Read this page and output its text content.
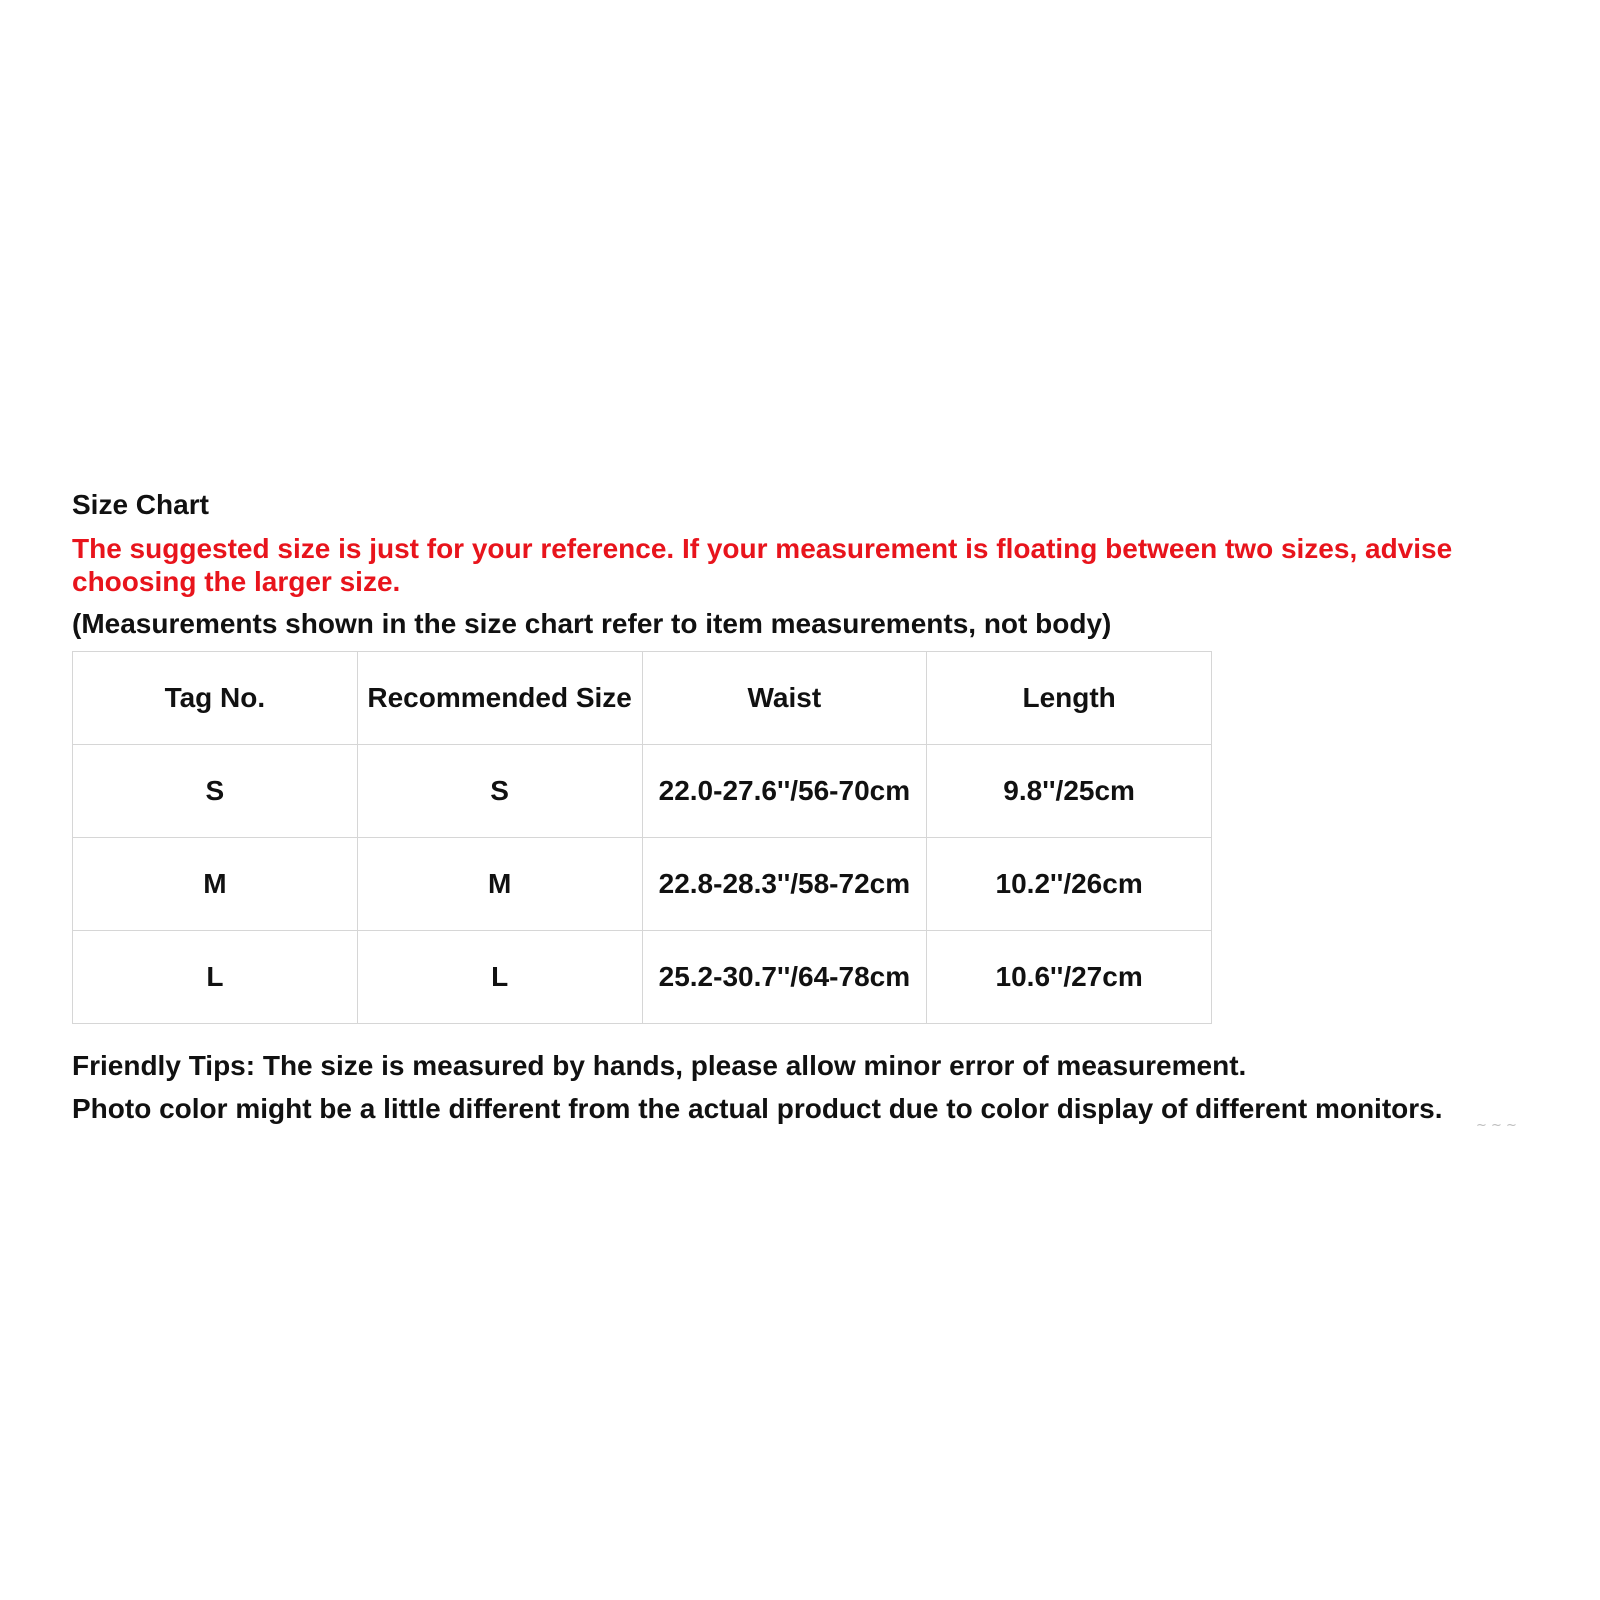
Size Chart

The suggested size is just for your reference. If your measurement is floating between two sizes, advise choosing the larger size.

(Measurements shown in the size chart refer to item measurements, not body)

Tag No.	Recommended Size	Waist	Length
S	S	22.0-27.6''/56-70cm	9.8''/25cm
M	M	22.8-28.3''/58-72cm	10.2''/26cm
L	L	25.2-30.7''/64-78cm	10.6''/27cm

Friendly Tips: The size is measured by hands, please allow minor error of measurement.

Photo color might be a little different from the actual product due to color display of different monitors.

~ ~ ~
